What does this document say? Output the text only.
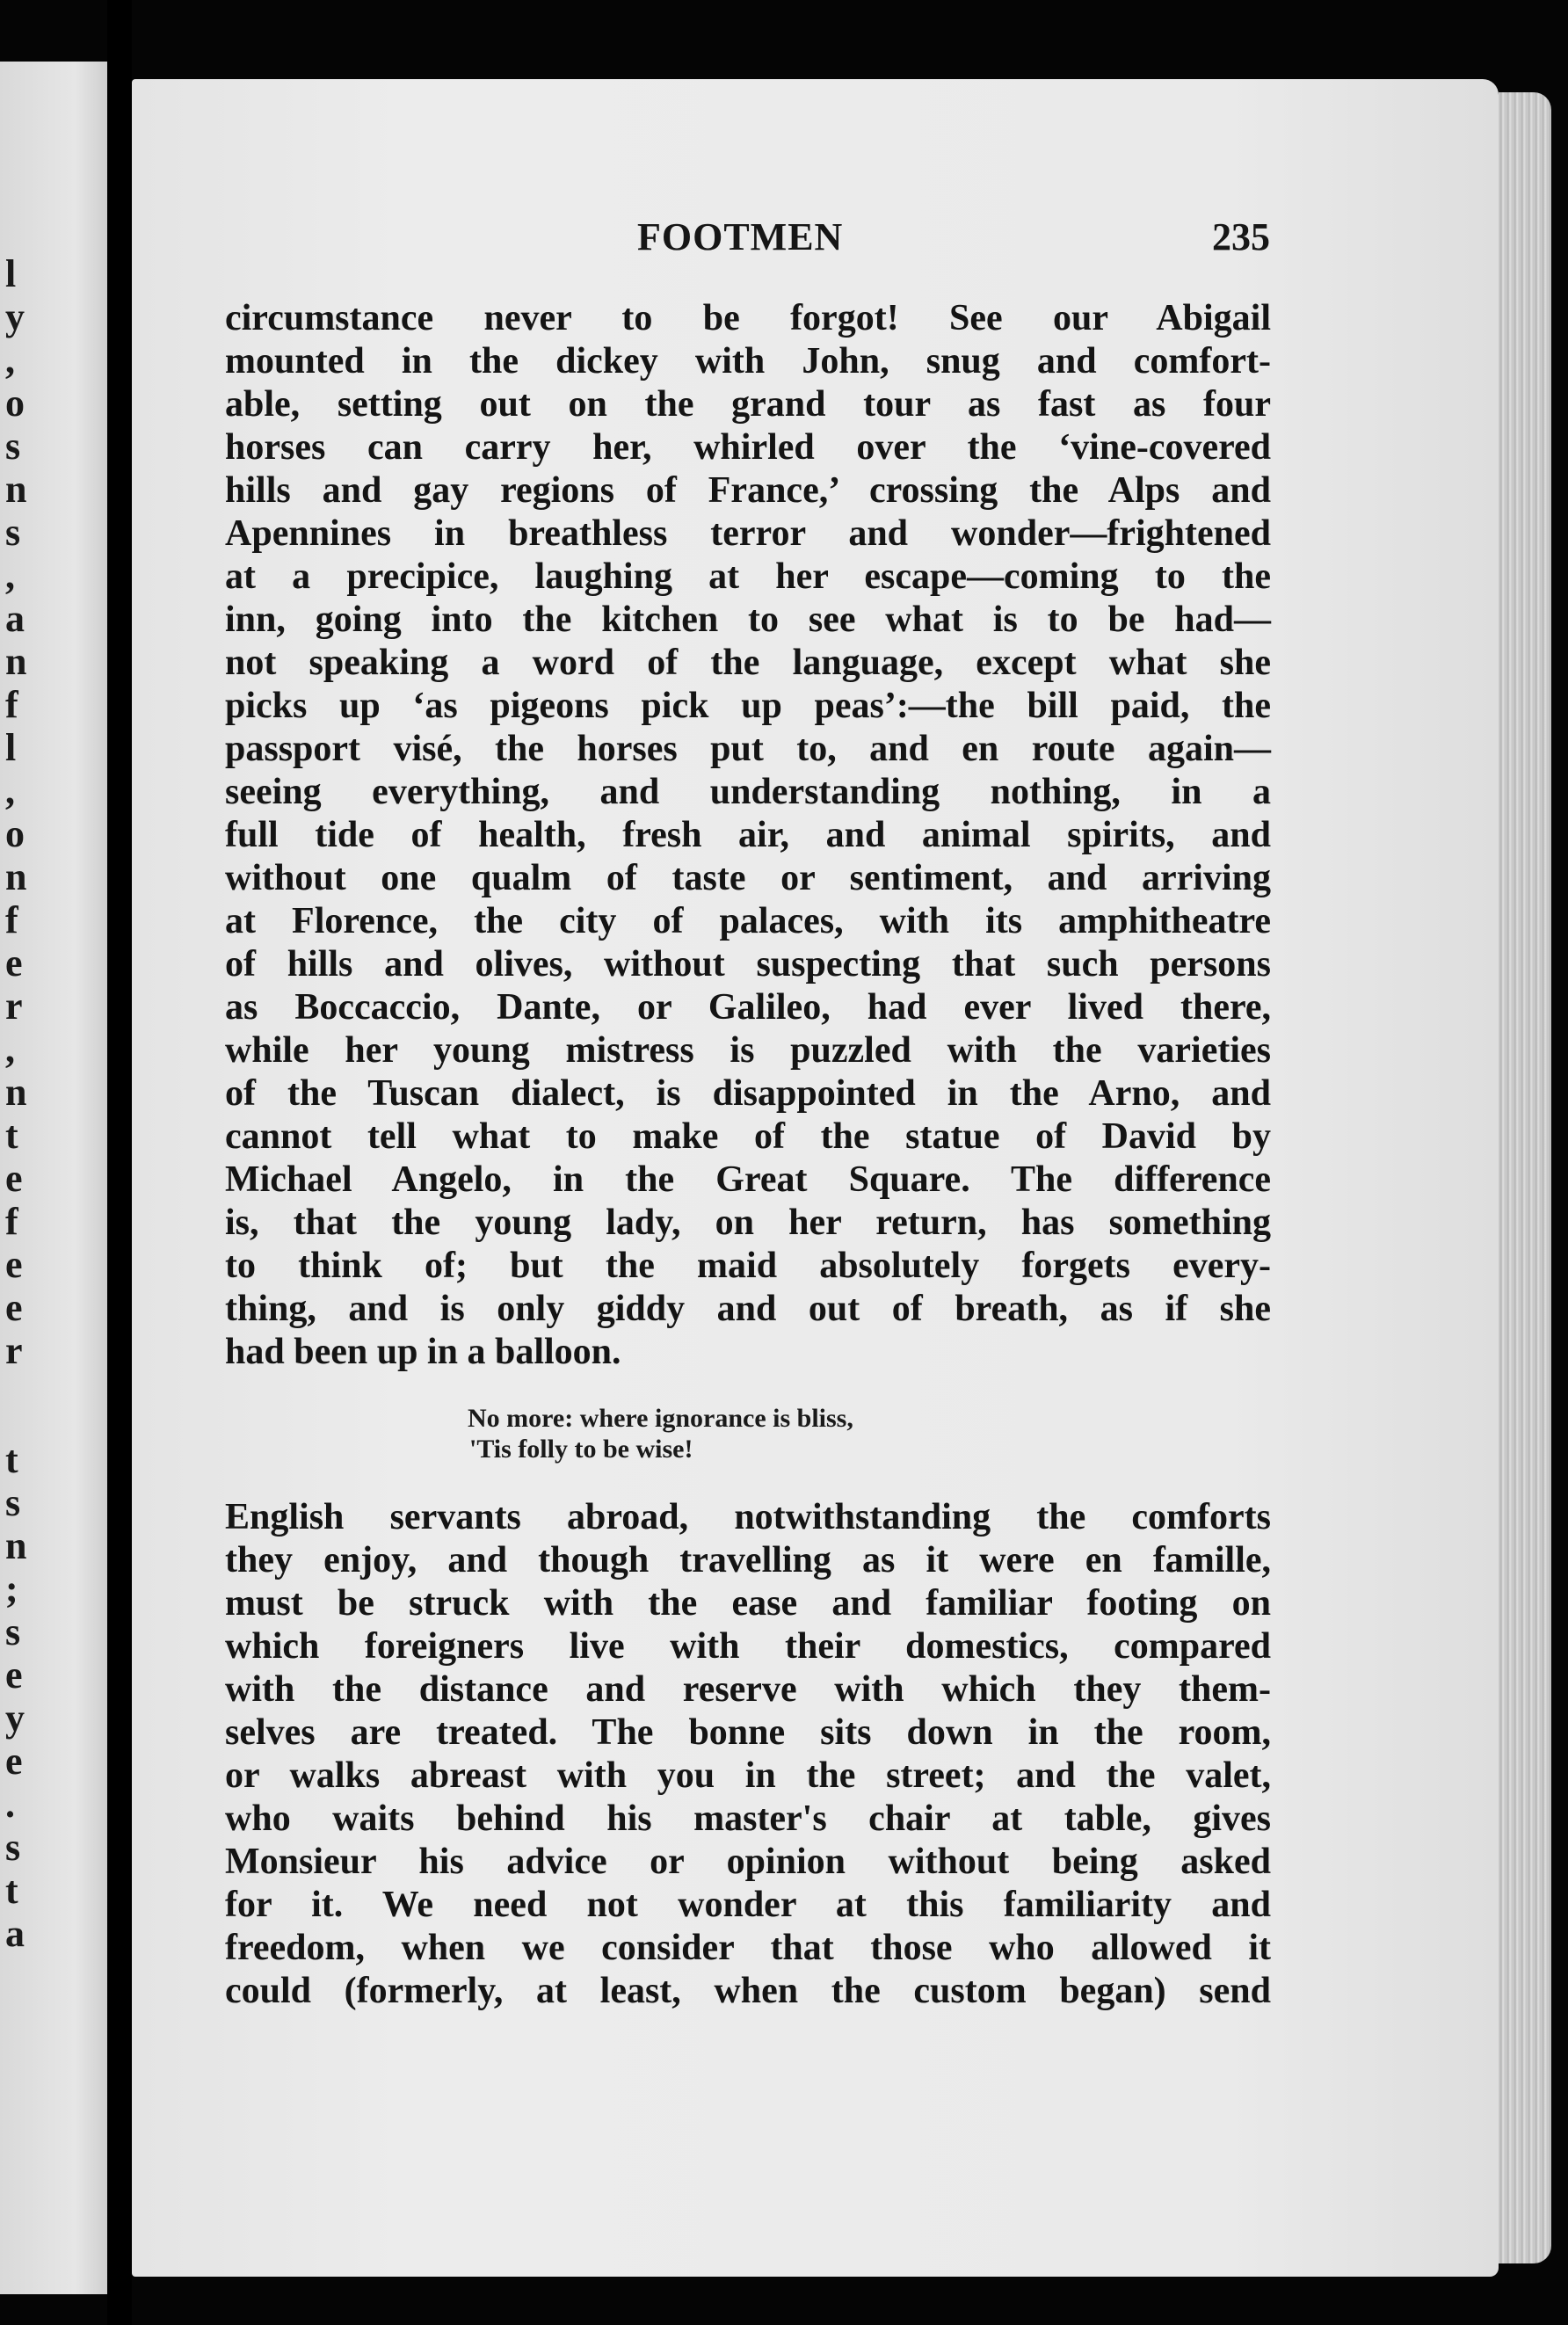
l
y
,
o
s
n
s
,
a
n
f
l
,
o
n
f
e
r
,
n
t
e
f
e
e
r
t
s
n
;
s
e
y
e
.
s
t
a
FOOTMEN	235
circumstance never to be forgot! See our Abigail
mounted in the dickey with John, snug and comfort-
able, setting out on the grand tour as fast as four
horses can carry her, whirled over the ‘vine-covered
hills and gay regions of France,’ crossing the Alps and
Apennines in breathless terror and wonder—frightened
at a precipice, laughing at her escape—coming to the
inn, going into the kitchen to see what is to be had—
not speaking a word of the language, except what she
picks up ‘as pigeons pick up peas’:—the bill paid, the
passport visé, the horses put to, and en route again—
seeing everything, and understanding nothing, in a
full tide of health, fresh air, and animal spirits, and
without one qualm of taste or sentiment, and arriving
at Florence, the city of palaces, with its amphitheatre
of hills and olives, without suspecting that such persons
as Boccaccio, Dante, or Galileo, had ever lived there,
while her young mistress is puzzled with the varieties
of the Tuscan dialect, is disappointed in the Arno, and
cannot tell what to make of the statue of David by
Michael Angelo, in the Great Square. The difference
is, that the young lady, on her return, has something
to think of; but the maid absolutely forgets every-
thing, and is only giddy and out of breath, as if she
had been up in a balloon.
No more: where ignorance is bliss,
'Tis folly to be wise!
English servants abroad, notwithstanding the comforts
they enjoy, and though travelling as it were en famille,
must be struck with the ease and familiar footing on
which foreigners live with their domestics, compared
with the distance and reserve with which they them-
selves are treated. The bonne sits down in the room,
or walks abreast with you in the street; and the valet,
who waits behind his master's chair at table, gives
Monsieur his advice or opinion without being asked
for it. We need not wonder at this familiarity and
freedom, when we consider that those who allowed it
could (formerly, at least, when the custom began) send
